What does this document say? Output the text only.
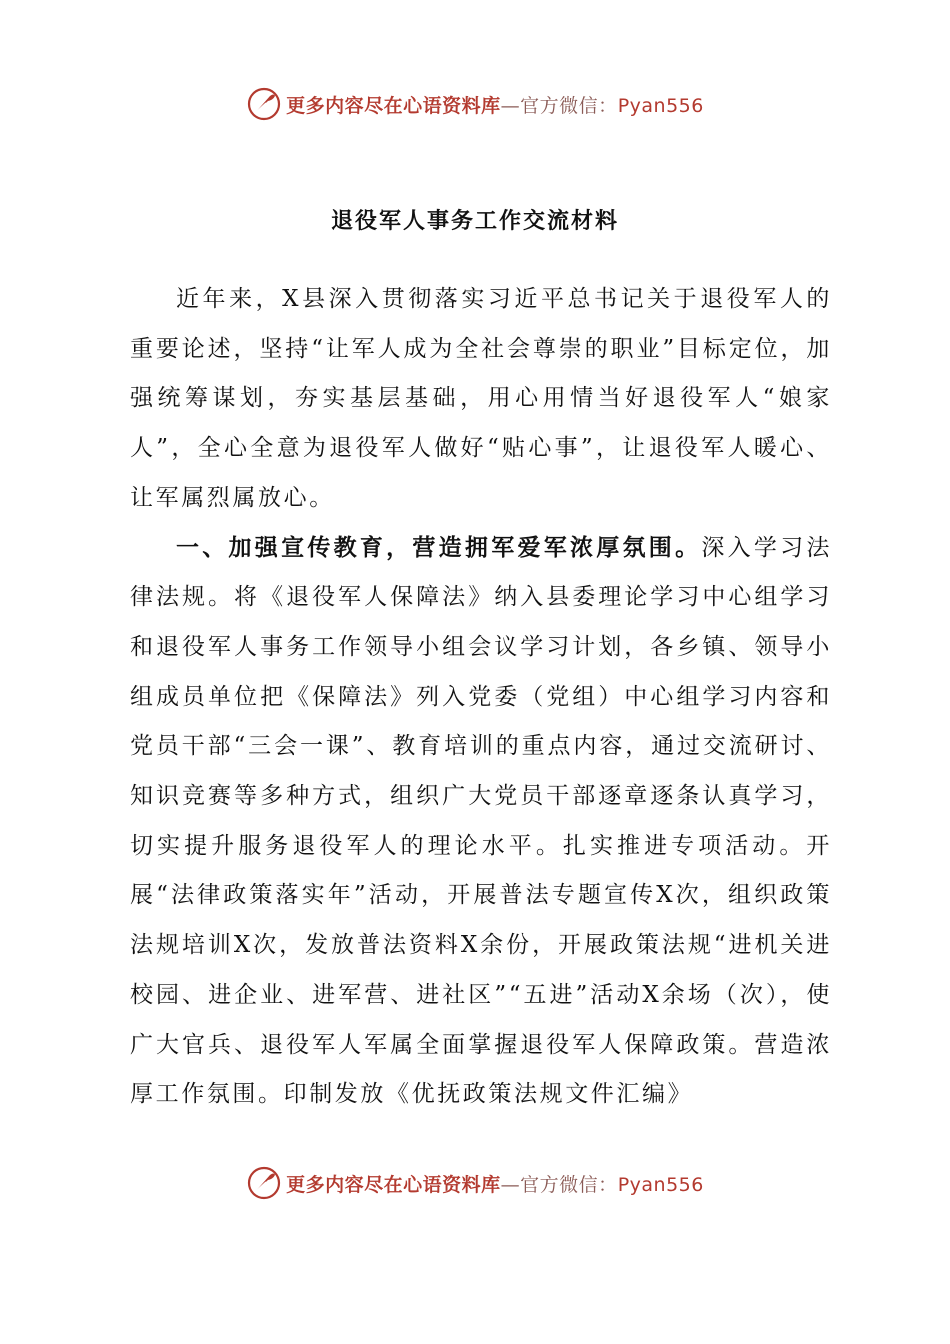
更多内容尽在心语资料库—官方微信：Pyan556
退役军人事务工作交流材料

近年来，X县深入贯彻落实习近平总书记关于退役军人的重要论述，坚持“让军人成为全社会尊崇的职业”目标定位，加强统筹谋划，夯实基层基础，用心用情当好退役军人“娘家人”，全心全意为退役军人做好“贴心事”，让退役军人暖心、让军属烈属放心。

一、加强宣传教育，营造拥军爱军浓厚氛围。深入学习法律法规。将《退役军人保障法》纳入县委理论学习中心组学习和退役军人事务工作领导小组会议学习计划，各乡镇、领导小组成员单位把《保障法》列入党委（党组）中心组学习内容和党员干部“三会一课”、教育培训的重点内容，通过交流研讨、知识竞赛等多种方式，组织广大党员干部逐章逐条认真学习，切实提升服务退役军人的理论水平。扎实推进专项活动。开展“法律政策落实年”活动，开展普法专题宣传X次，组织政策法规培训X次，发放普法资料X余份，开展政策法规“进机关进校园、进企业、进军营、进社区”“五进”活动X余场（次），使广大官兵、退役军人军属全面掌握退役军人保障政策。营造浓厚工作氛围。印制发放《优抚政策法规文件汇编》

更多内容尽在心语资料库—官方微信：Pyan556
